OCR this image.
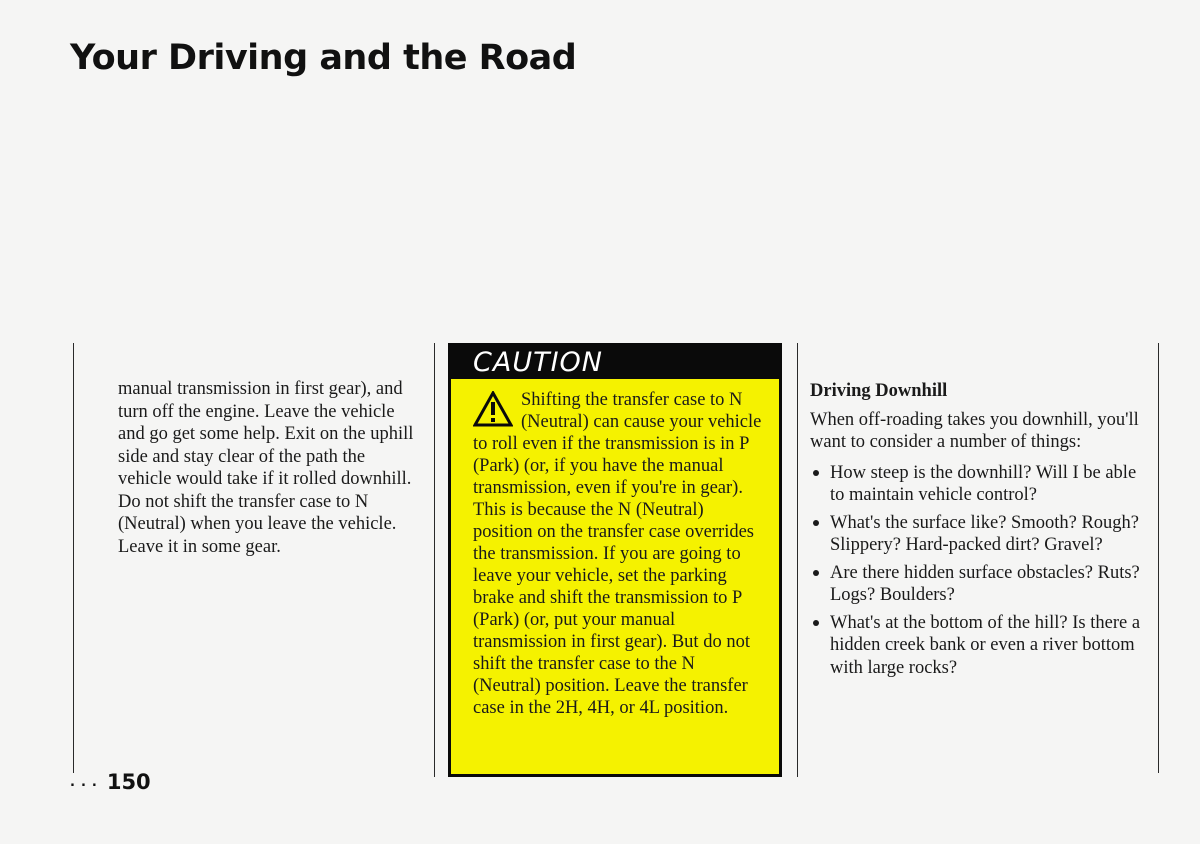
Your Driving and the Road

manual transmission in first gear), and turn off the engine. Leave the vehicle and go get some help. Exit on the uphill side and stay clear of the path the vehicle would take if it rolled downhill. Do not shift the transfer case to N (Neutral) when you leave the vehicle. Leave it in some gear.

CAUTION

Shifting the transfer case to N (Neutral) can cause your vehicle to roll even if the transmission is in P (Park) (or, if you have the manual transmission, even if you're in gear). This is because the N (Neutral) position on the transfer case overrides the transmission. If you are going to leave your vehicle, set the parking brake and shift the transmission to P (Park) (or, put your manual transmission in first gear). But do not shift the transfer case to the N (Neutral) position. Leave the transfer case in the 2H, 4H, or 4L position.

Driving Downhill

When off-roading takes you downhill, you'll want to consider a number of things:

How steep is the downhill? Will I be able to maintain vehicle control?
What's the surface like? Smooth? Rough? Slippery? Hard-packed dirt? Gravel?
Are there hidden surface obstacles? Ruts? Logs? Boulders?
What's at the bottom of the hill? Is there a hidden creek bank or even a river bottom with large rocks?
... 150
